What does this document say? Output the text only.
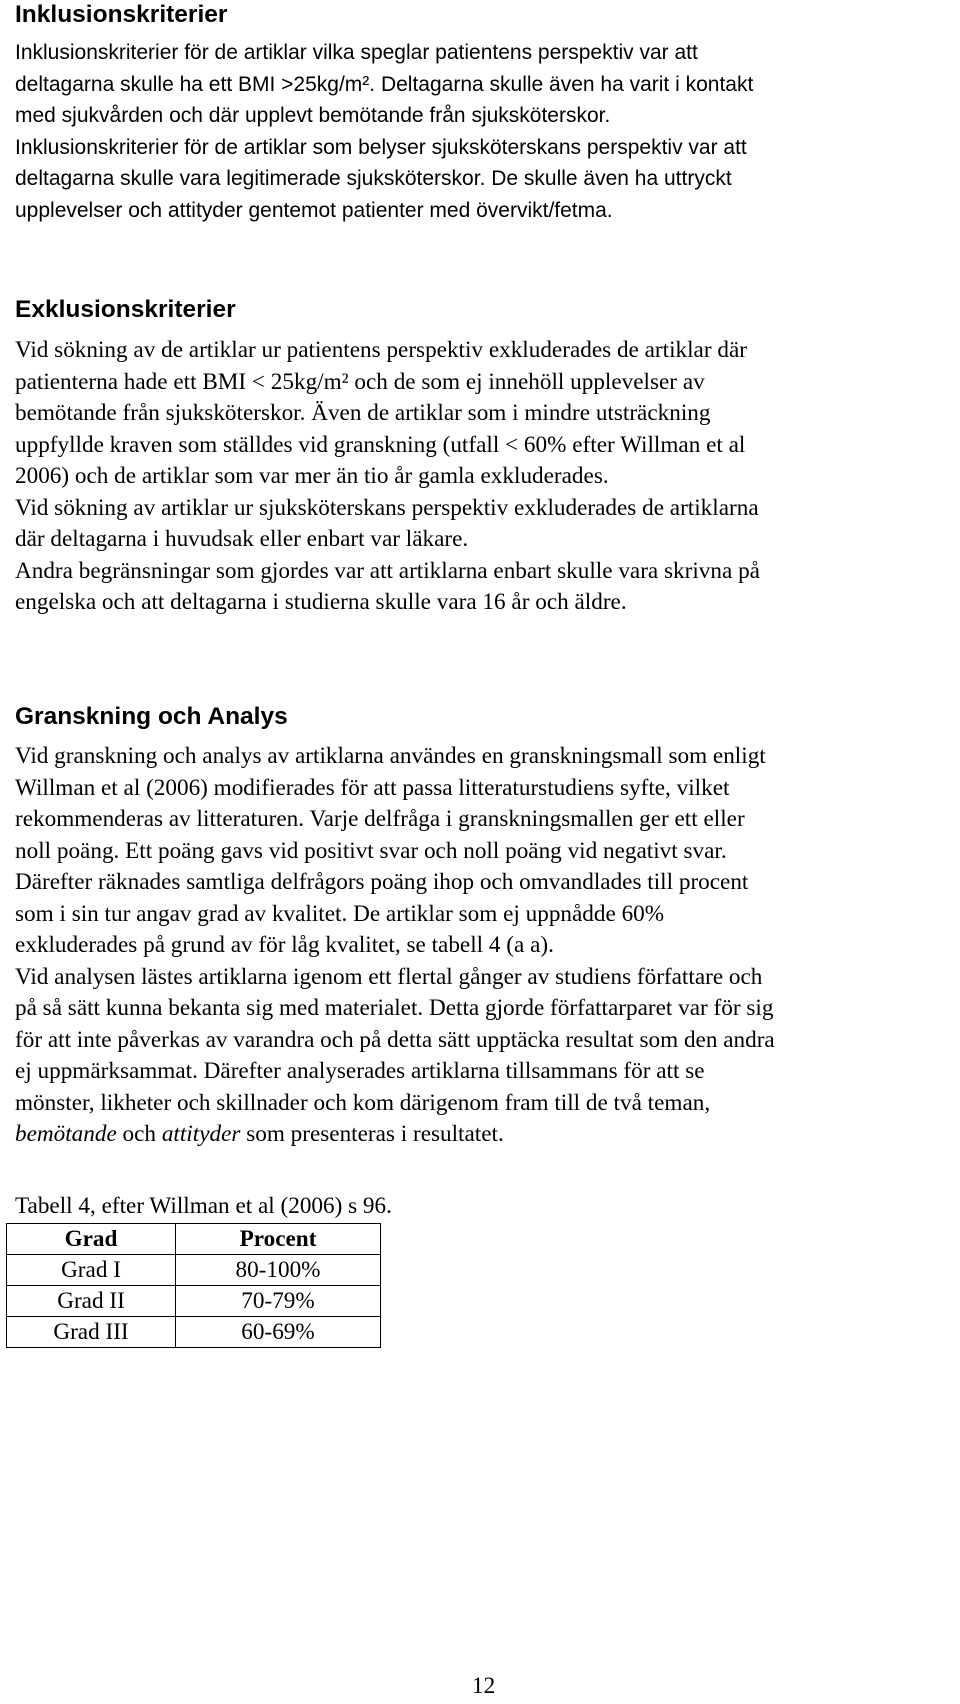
Inklusionskriterier
Inklusionskriterier för de artiklar vilka speglar patientens perspektiv var att
deltagarna skulle ha ett BMI >25kg/m². Deltagarna skulle även ha varit i kontakt
med sjukvården och där upplevt bemötande från sjuksköterskor.
Inklusionskriterier för de artiklar som belyser sjuksköterskans perspektiv var att
deltagarna skulle vara legitimerade sjuksköterskor. De skulle även ha uttryckt
upplevelser och attityder gentemot patienter med övervikt/fetma.
Exklusionskriterier
Vid sökning av de artiklar ur patientens perspektiv exkluderades de artiklar där
patienterna hade ett BMI < 25kg/m² och de som ej innehöll upplevelser av
bemötande från sjuksköterskor. Även de artiklar som i mindre utsträckning
uppfyllde kraven som ställdes vid granskning (utfall < 60% efter Willman et al
2006) och de artiklar som var mer än tio år gamla exkluderades.
Vid sökning av artiklar ur sjuksköterskans perspektiv exkluderades de artiklarna
där deltagarna i huvudsak eller enbart var läkare.
Andra begränsningar som gjordes var att artiklarna enbart skulle vara skrivna på
engelska och att deltagarna i studierna skulle vara 16 år och äldre.
Granskning och Analys
Vid granskning och analys av artiklarna användes en granskningsmall som enligt
Willman et al (2006) modifierades för att passa litteraturstudiens syfte, vilket
rekommenderas av litteraturen. Varje delfråga i granskningsmallen ger ett eller
noll poäng. Ett poäng gavs vid positivt svar och noll poäng vid negativt svar.
Därefter räknades samtliga delfrågors poäng ihop och omvandlades till procent
som i sin tur angav grad av kvalitet. De artiklar som ej uppnådde 60%
exkluderades på grund av för låg kvalitet, se tabell 4 (a a).
Vid analysen lästes artiklarna igenom ett flertal gånger av studiens författare och
på så sätt kunna bekanta sig med materialet. Detta gjorde författarparet var för sig
för att inte påverkas av varandra och på detta sätt upptäcka resultat som den andra
ej uppmärksammat. Därefter analyserades artiklarna tillsammans för att se
mönster, likheter och skillnader och kom därigenom fram till de två teman,
bemötande och attityder som presenteras i resultatet.
Tabell 4, efter Willman et al (2006) s 96.
Grad	Procent
Grad I	80-100%
Grad II	70-79%
Grad III	60-69%
12
